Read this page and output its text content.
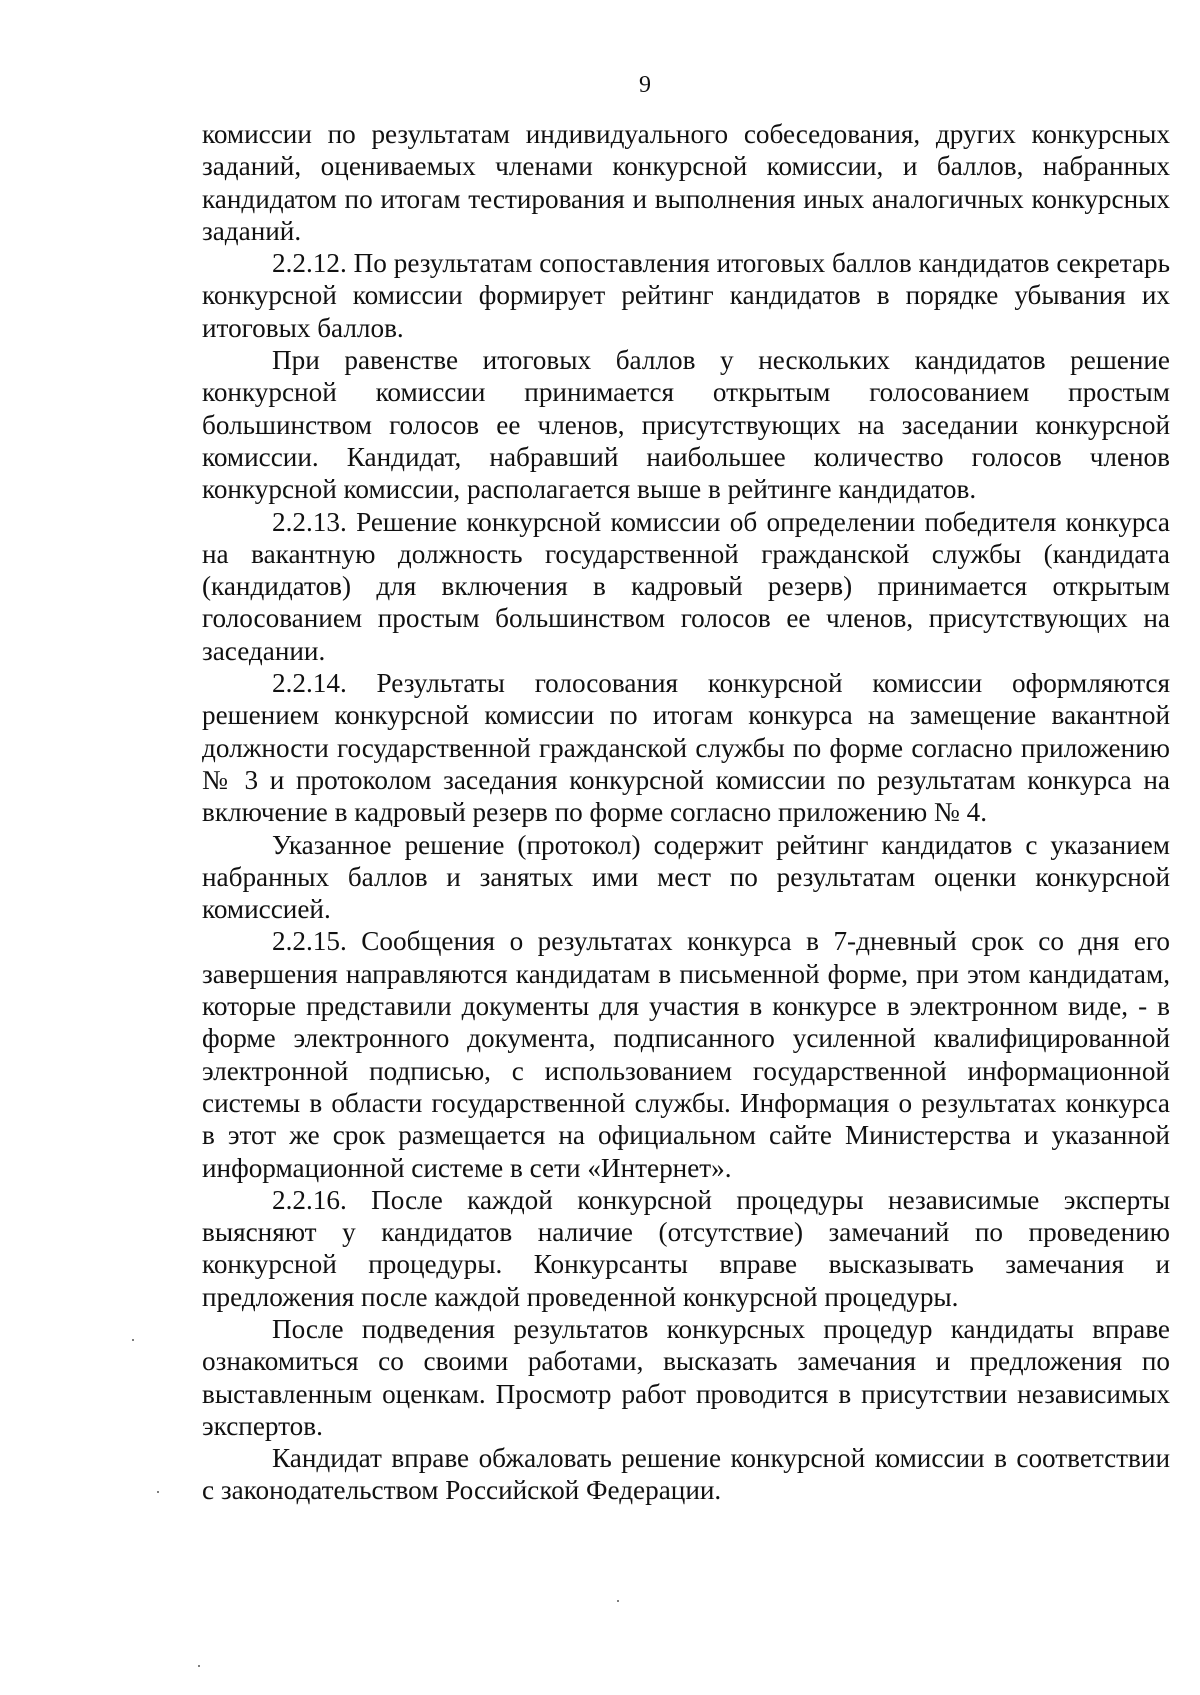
9

комиссии по результатам индивидуального собеседования, других конкурсных заданий, оцениваемых членами конкурсной комиссии, и баллов, набранных кандидатом по итогам тестирования и выполнения иных аналогичных конкурсных заданий.

2.2.12. По результатам сопоставления итоговых баллов кандидатов секретарь конкурсной комиссии формирует рейтинг кандидатов в порядке убывания их итоговых баллов.

При равенстве итоговых баллов у нескольких кандидатов решение конкурсной комиссии принимается открытым голосованием простым большинством голосов ее членов, присутствующих на заседании конкурсной комиссии. Кандидат, набравший наибольшее количество голосов членов конкурсной комиссии, располагается выше в рейтинге кандидатов.

2.2.13. Решение конкурсной комиссии об определении победителя конкурса на вакантную должность государственной гражданской службы (кандидата (кандидатов) для включения в кадровый резерв) принимается открытым голосованием простым большинством голосов ее членов, присутствующих на заседании.

2.2.14. Результаты голосования конкурсной комиссии оформляются решением конкурсной комиссии по итогам конкурса на замещение вакантной должности государственной гражданской службы по форме согласно приложению № 3 и протоколом заседания конкурсной комиссии по результатам конкурса на включение в кадровый резерв по форме согласно приложению № 4.

Указанное решение (протокол) содержит рейтинг кандидатов с указанием набранных баллов и занятых ими мест по результатам оценки конкурсной комиссией.

2.2.15. Сообщения о результатах конкурса в 7-дневный срок со дня его завершения направляются кандидатам в письменной форме, при этом кандидатам, которые представили документы для участия в конкурсе в электронном виде, - в форме электронного документа, подписанного усиленной квалифицированной электронной подписью, с использованием государственной информационной системы в области государственной службы. Информация о результатах конкурса в этот же срок размещается на официальном сайте Министерства и указанной информационной системе в сети «Интернет».

2.2.16. После каждой конкурсной процедуры независимые эксперты выясняют у кандидатов наличие (отсутствие) замечаний по проведению конкурсной процедуры. Конкурсанты вправе высказывать замечания и предложения после каждой проведенной конкурсной процедуры.

После подведения результатов конкурсных процедур кандидаты вправе ознакомиться со своими работами, высказать замечания и предложения по выставленным оценкам. Просмотр работ проводится в присутствии независимых экспертов.

Кандидат вправе обжаловать решение конкурсной комиссии в соответствии с законодательством Российской Федерации.
